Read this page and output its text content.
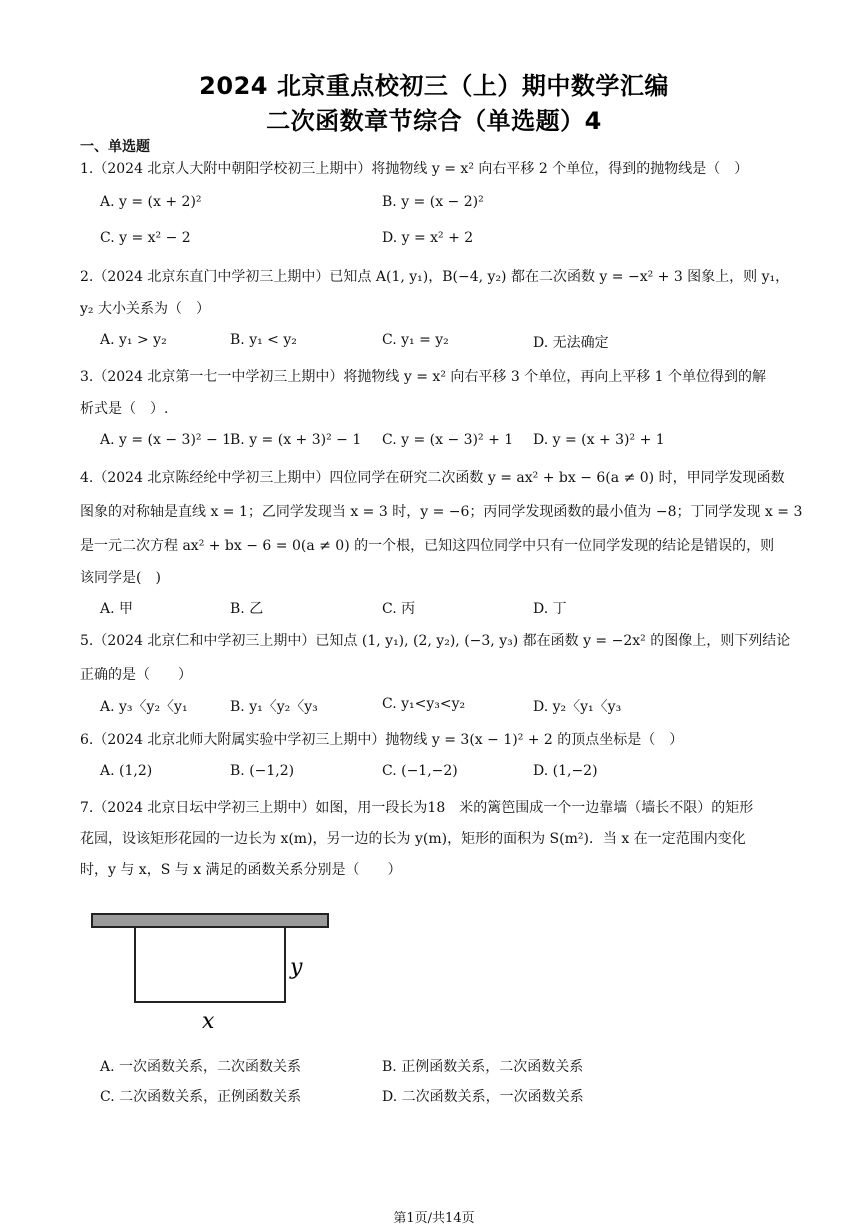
2024 北京重点校初三（上）期中数学汇编
二次函数章节综合（单选题）4
一、单选题
1.（2024 北京人大附中朝阳学校初三上期中）将抛物线 y = x² 向右平移 2 个单位，得到的抛物线是（　）
A. y = (x + 2)²	B. y = (x − 2)²
C. y = x² − 2	D. y = x² + 2
2.（2024 北京东直门中学初三上期中）已知点 A(1, y₁)，B(−4, y₂) 都在二次函数 y = −x² + 3 图象上，则 y₁，
y₂ 大小关系为（　）
A. y₁ > y₂	B. y₁ < y₂	C. y₁ = y₂	D. 无法确定
3.（2024 北京第一七一中学初三上期中）将抛物线 y = x² 向右平移 3 个单位，再向上平移 1 个单位得到的解
析式是（　）.
A. y = (x − 3)² − 1
B. y = (x + 3)² − 1 C. y = (x − 3)² + 1 D. y = (x + 3)² + 1
4.（2024 北京陈经纶中学初三上期中）四位同学在研究二次函数 y = ax² + bx − 6(a ≠ 0) 时，甲同学发现函数
图象的对称轴是直线 x = 1；乙同学发现当 x = 3 时，y = −6；丙同学发现函数的最小值为 −8；丁同学发现 x = 3
是一元二次方程 ax² + bx − 6 = 0(a ≠ 0) 的一个根，已知这四位同学中只有一位同学发现的结论是错误的，则
该同学是(　)
A. 甲	B. 乙	C. 丙	D. 丁
5.（2024 北京仁和中学初三上期中）已知点 (1, y₁), (2, y₂), (−3, y₃) 都在函数 y = −2x² 的图像上，则下列结论
正确的是（　　）
A. y₃〈y₂〈y₁	B. y₁〈y₂〈y₃	C. y₁<y₃<y₂	D. y₂〈y₁〈y₃
6.（2024 北京北师大附属实验中学初三上期中）抛物线 y = 3(x − 1)² + 2 的顶点坐标是（　）
A. (1,2)	B. (−1,2)	C. (−1,−2)	D. (1,−2)
7.（2024 北京日坛中学初三上期中）如图，用一段长为18　米的篱笆围成一个一边靠墙（墙长不限）的矩形
花园，设该矩形花园的一边长为 x(m)，另一边的长为 y(m)，矩形的面积为 S(m²)．当 x 在一定范围内变化
时，y 与 x，S 与 x 满足的函数关系分别是（　　）
y
x
A. 一次函数关系，二次函数关系	B. 正例函数关系，二次函数关系
C. 二次函数关系，正例函数关系	D. 二次函数关系，一次函数关系
第1页/共14页
